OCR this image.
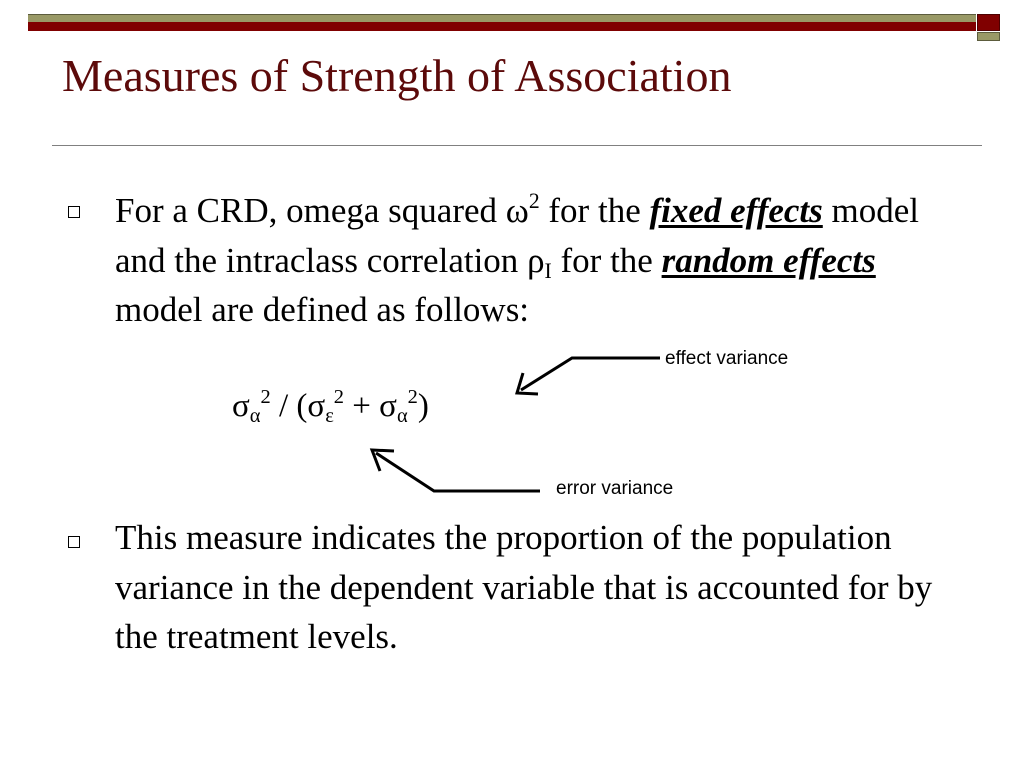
Measures of Strength of Association
For a CRD, omega squared $\omega^2$ for the fixed effects model and the intraclass correlation $\rho_I$ for the random effects model are defined as follows:
$\sigma_\alpha^2 / (\sigma_\varepsilon^2 + \sigma_\alpha^2)$
effect variance
error variance
This measure indicates the proportion of the population variance in the dependent variable that is accounted for by the treatment levels.
